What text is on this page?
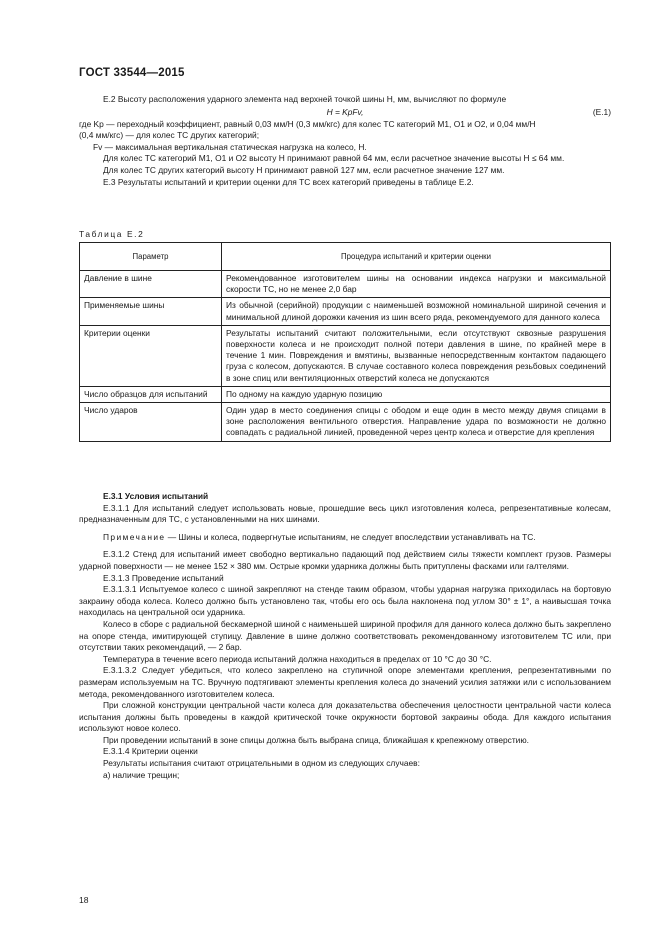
ГОСТ 33544—2015

Е.2 Высоту расположения ударного элемента над верхней точкой шины H, мм, вычисляют по формуле

H = KpFv,	(Е.1)
где Kp — переходный коэффициент, равный 0,03 мм/Н (0,3 мм/кгс) для колес ТС категорий М1, О1 и О2, и 0,04 мм/Н
(0,4 мм/кгс) — для колес ТС других категорий;
Fv — максимальная вертикальная статическая нагрузка на колесо, Н.

Для колес ТС категорий М1, О1 и О2 высоту H принимают равной 64 мм, если расчетное значение высоты H ≤ 64 мм.

Для колес ТС других категорий высоту H принимают равной 127 мм, если расчетное значение 127 мм.

Е.3 Результаты испытаний и критерии оценки для ТС всех категорий приведены в таблице Е.2.

Таблица Е.2
Параметр	Процедура испытаний и критерии оценки
Давление в шине	Рекомендованное изготовителем шины на основании индекса нагрузки и максимальной скорости ТС, но не менее 2,0 бар
Применяемые шины	Из обычной (серийной) продукции с наименьшей возможной номинальной шириной сечения и минимальной длиной дорожки качения из шин всего ряда, рекомендуемого для данного колеса
Критерии оценки	Результаты испытаний считают положительными, если отсутствуют сквозные разрушения поверхности колеса и не происходит полной потери давления в шине, по крайней мере в течение 1 мин. Повреждения и вмятины, вызванные непосредственным контактом падающего груза с колесом, допускаются. В случае составного колеса повреждения резьбовых соединений в зоне спиц или вентиляционных отверстий колеса не допускаются
Число образцов для испытаний	По одному на каждую ударную позицию
Число ударов	Один удар в место соединения спицы с ободом и еще один в место между двумя спицами в зоне расположения вентильного отверстия. Направление удара по возможности не должно совпадать с радиальной линией, проведенной через центр колеса и отверстие для крепления

Е.3.1 Условия испытаний

Е.3.1.1 Для испытаний следует использовать новые, прошедшие весь цикл изготовления колеса, репрезентативные колесам, предназначенным для ТС, с установленными на них шинами.

Примечание — Шины и колеса, подвергнутые испытаниям, не следует впоследствии устанавливать на ТС.

Е.3.1.2 Стенд для испытаний имеет свободно вертикально падающий под действием силы тяжести комплект грузов. Размеры ударной поверхности — не менее 152 × 380 мм. Острые кромки ударника должны быть притуплены фасками или галтелями.

Е.3.1.3 Проведение испытаний

Е.3.1.3.1 Испытуемое колесо с шиной закрепляют на стенде таким образом, чтобы ударная нагрузка приходилась на бортовую закраину обода колеса. Колесо должно быть установлено так, чтобы его ось была наклонена под углом 30° ± 1°, а наивысшая точка находилась на центральной оси ударника.

Колесо в сборе с радиальной бескамерной шиной с наименьшей шириной профиля для данного колеса должно быть закреплено на опоре стенда, имитирующей ступицу. Давление в шине должно соответствовать рекомендованному изготовителем ТС или, при отсутствии таких рекомендаций, — 2 бар.

Температура в течение всего периода испытаний должна находиться в пределах от 10 °С до 30 °С.

Е.3.1.3.2 Следует убедиться, что колесо закреплено на ступичной опоре элементами крепления, репрезентативными по размерам используемым на ТС. Вручную подтягивают элементы крепления колеса до значений усилия затяжки или с использованием метода, рекомендованного изготовителем колеса.

При сложной конструкции центральной части колеса для доказательства обеспечения целостности центральной части колеса испытания должны быть проведены в каждой критической точке окружности бортовой закраины обода. Для каждого испытания используют новое колесо.

При проведении испытаний в зоне спицы должна быть выбрана спица, ближайшая к крепежному отверстию.

Е.3.1.4 Критерии оценки

Результаты испытания считают отрицательными в одном из следующих случаев:

а) наличие трещин;

18
